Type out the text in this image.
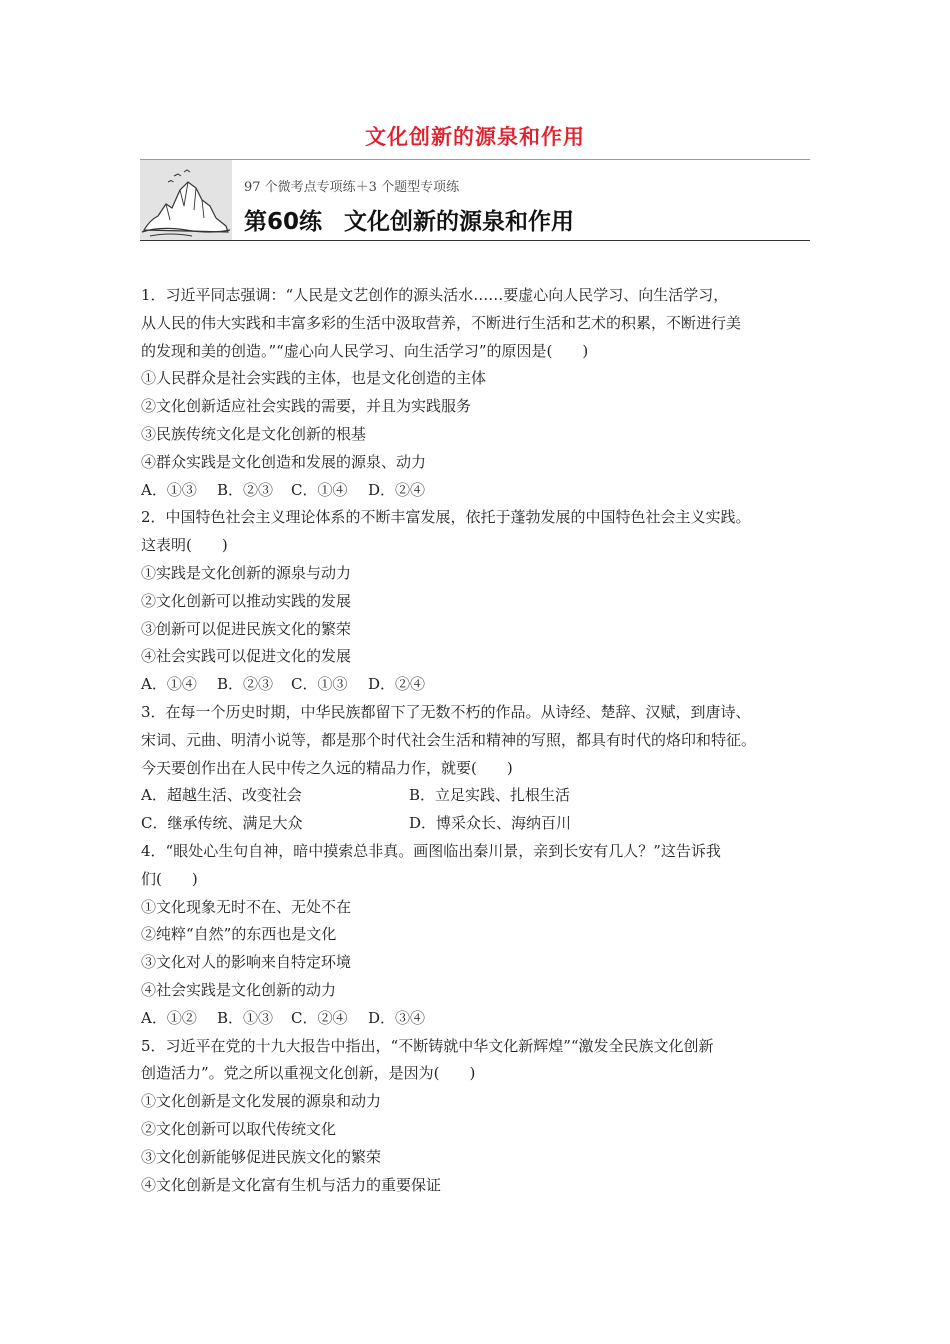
文化创新的源泉和作用
97 个微考点专项练＋3 个题型专项练
第60练 文化创新的源泉和作用
1．习近平同志强调：“人民是文艺创作的源头活水……要虚心向人民学习、向生活学习，
从人民的伟大实践和丰富多彩的生活中汲取营养，不断进行生活和艺术的积累，不断进行美
的发现和美的创造。”“虚心向人民学习、向生活学习”的原因是(　　)
①人民群众是社会实践的主体，也是文化创造的主体
②文化创新适应社会实践的需要，并且为实践服务
③民族传统文化是文化创新的根基
④群众实践是文化创造和发展的源泉、动力
A．①③	B．②③	C．①④	D．②④
2．中国特色社会主义理论体系的不断丰富发展，依托于蓬勃发展的中国特色社会主义实践。
这表明(　　)
①实践是文化创新的源泉与动力
②文化创新可以推动实践的发展
③创新可以促进民族文化的繁荣
④社会实践可以促进文化的发展
A．①④	B．②③	C．①③	D．②④
3．在每一个历史时期，中华民族都留下了无数不朽的作品。从诗经、楚辞、汉赋，到唐诗、
宋词、元曲、明清小说等，都是那个时代社会生活和精神的写照，都具有时代的烙印和特征。
今天要创作出在人民中传之久远的精品力作，就要(　　)
A．超越生活、改变社会	B．立足实践、扎根生活
C．继承传统、满足大众	D．博采众长、海纳百川
4．“眼处心生句自神，暗中摸索总非真。画图临出秦川景，亲到长安有几人？”这告诉我
们(　　)
①文化现象无时不在、无处不在
②纯粹“自然”的东西也是文化
③文化对人的影响来自特定环境
④社会实践是文化创新的动力
A．①②	B．①③	C．②④	D．③④
5．习近平在党的十九大报告中指出，“不断铸就中华文化新辉煌”“激发全民族文化创新
创造活力”。党之所以重视文化创新，是因为(　　)
①文化创新是文化发展的源泉和动力
②文化创新可以取代传统文化
③文化创新能够促进民族文化的繁荣
④文化创新是文化富有生机与活力的重要保证
